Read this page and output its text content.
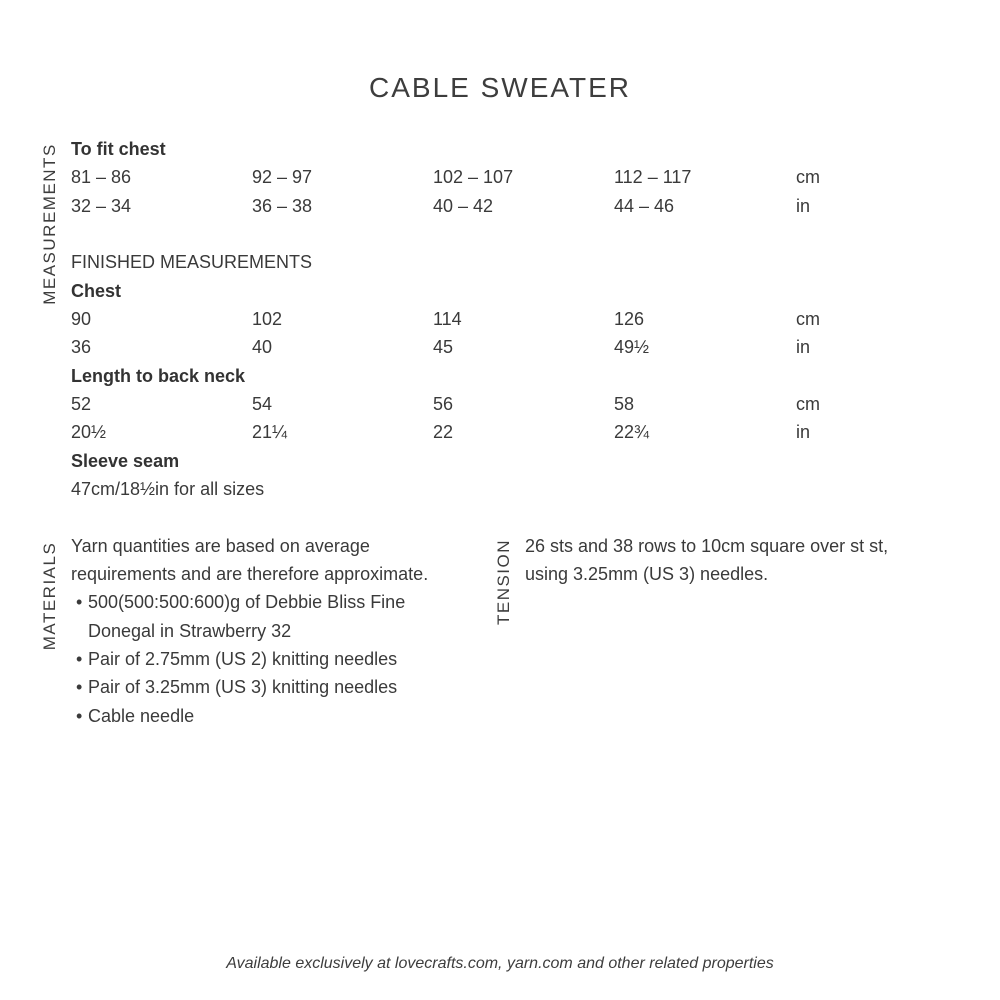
CABLE SWEATER
MEASUREMENTS
MATERIALS	TENSION
To fit chest
81 – 86	92 – 97	102 – 107	112 – 117	cm
32 – 34	36 – 38	40 – 42	44 – 46	in
FINISHED MEASUREMENTS
Chest
90	102	114	126	cm
36	40	45	49½	in
Length to back neck
52	54	56	58	cm
20½	21¼	22	22¾	in
Sleeve seam
47cm/18½in for all sizes
Yarn quantities are based on average
requirements and are therefore approximate.
• 500(500:500:600)g of Debbie Bliss Fine
Donegal in Strawberry 32
• Pair of 2.75mm (US 2) knitting needles
• Pair of 3.25mm (US 3) knitting needles
• Cable needle
26 sts and 38 rows to 10cm square over st st,
using 3.25mm (US 3) needles.
Available exclusively at lovecrafts.com, yarn.com and other related properties
